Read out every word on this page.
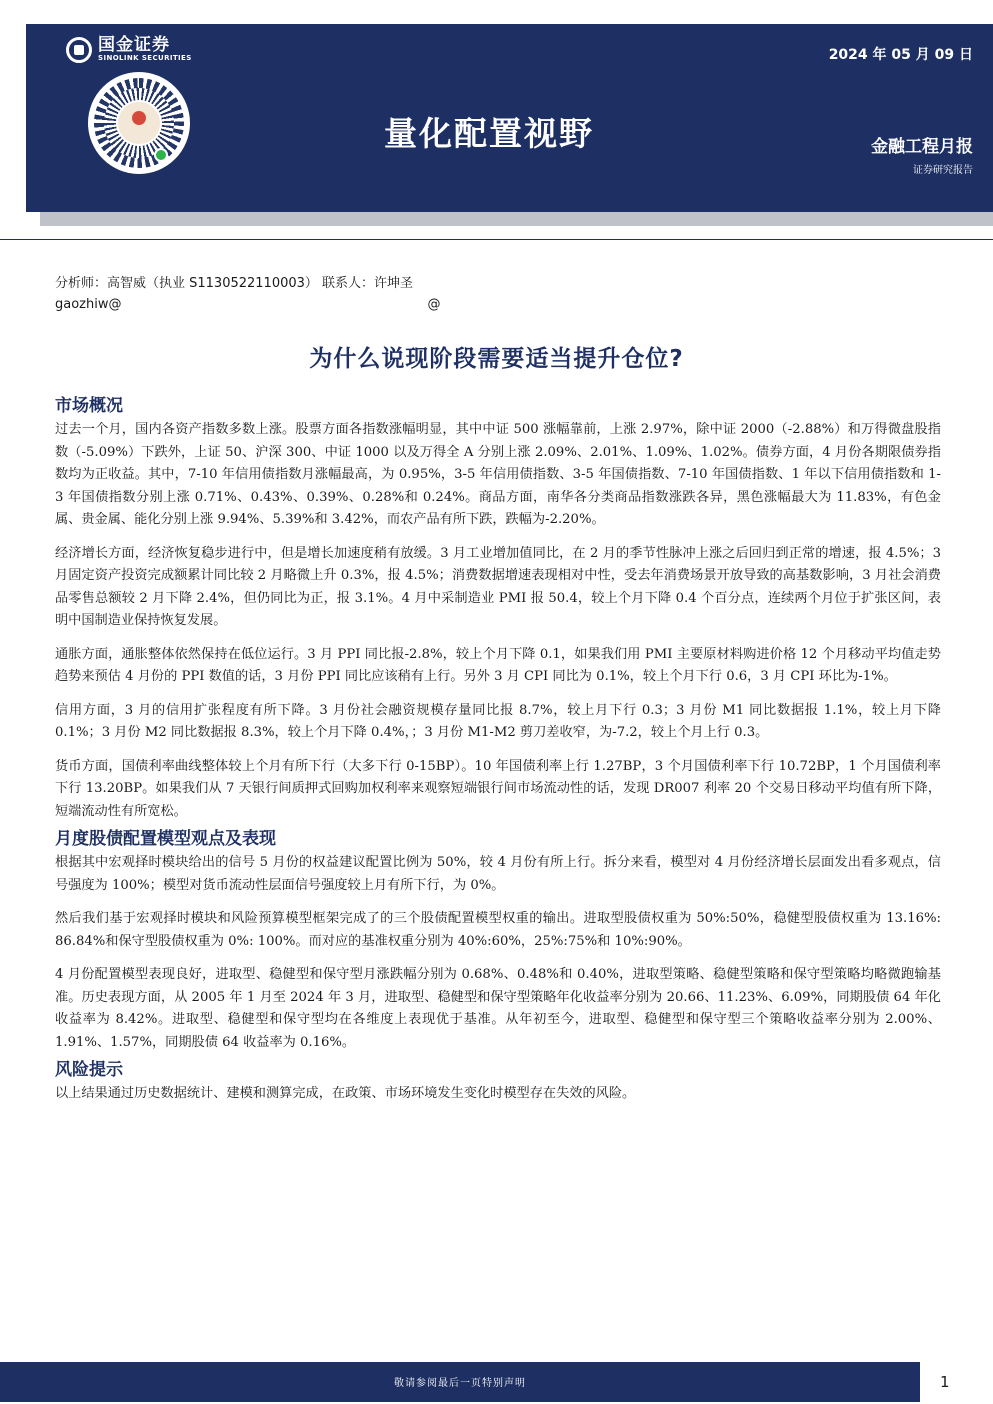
国金证券
SINOLINK SECURITIES	2024 年 05 月 09 日
量化配置视野	金融工程月报
证券研究报告
分析师：高智威（执业 S1130522110003） 联系人：许坤圣
gaozhiw@	@
为什么说现阶段需要适当提升仓位?
市场概况

过去一个月，国内各资产指数多数上涨。股票方面各指数涨幅明显，其中中证 500 涨幅靠前，上涨 2.97%，除中证 2000（-2.88%）和万得微盘股指数（-5.09%）下跌外，上证 50、沪深 300、中证 1000 以及万得全 A 分别上涨 2.09%、2.01%、1.09%、1.02%。债券方面，4 月份各期限债券指数均为正收益。其中，7-10 年信用债指数月涨幅最高，为 0.95%，3-5 年信用债指数、3-5 年国债指数、7-10 年国债指数、1 年以下信用债指数和 1-3 年国债指数分别上涨 0.71%、0.43%、0.39%、0.28%和 0.24%。商品方面，南华各分类商品指数涨跌各异，黑色涨幅最大为 11.83%，有色金属、贵金属、能化分别上涨 9.94%、5.39%和 3.42%，而农产品有所下跌，跌幅为-2.20%。

经济增长方面，经济恢复稳步进行中，但是增长加速度稍有放缓。3 月工业增加值同比，在 2 月的季节性脉冲上涨之后回归到正常的增速，报 4.5%；3 月固定资产投资完成额累计同比较 2 月略微上升 0.3%，报 4.5%；消费数据增速表现相对中性，受去年消费场景开放导致的高基数影响，3 月社会消费品零售总额较 2 月下降 2.4%，但仍同比为正，报 3.1%。4 月中采制造业 PMI 报 50.4，较上个月下降 0.4 个百分点，连续两个月位于扩张区间，表明中国制造业保持恢复发展。

通胀方面，通胀整体依然保持在低位运行。3 月 PPI 同比报-2.8%，较上个月下降 0.1，如果我们用 PMI 主要原材料购进价格 12 个月移动平均值走势趋势来预估 4 月份的 PPI 数值的话，3 月份 PPI 同比应该稍有上行。另外 3 月 CPI 同比为 0.1%，较上个月下行 0.6，3 月 CPI 环比为-1%。

信用方面，3 月的信用扩张程度有所下降。3 月份社会融资规模存量同比报 8.7%，较上月下行 0.3；3 月份 M1 同比数据报 1.1%，较上月下降 0.1%；3 月份 M2 同比数据报 8.3%，较上个月下降 0.4%，；3 月份 M1-M2 剪刀差收窄，为-7.2，较上个月上行 0.3。

货币方面，国债利率曲线整体较上个月有所下行（大多下行 0-15BP）。10 年国债利率上行 1.27BP，3 个月国债利率下行 10.72BP，1 个月国债利率下行 13.20BP。如果我们从 7 天银行间质押式回购加权利率来观察短端银行间市场流动性的话，发现 DR007 利率 20 个交易日移动平均值有所下降，短端流动性有所宽松。

月度股债配置模型观点及表现

根据其中宏观择时模块给出的信号 5 月份的权益建议配置比例为 50%，较 4 月份有所上行。拆分来看，模型对 4 月份经济增长层面发出看多观点，信号强度为 100%；模型对货币流动性层面信号强度较上月有所下行，为 0%。

然后我们基于宏观择时模块和风险预算模型框架完成了的三个股债配置模型权重的输出。进取型股债权重为 50%:50%，稳健型股债权重为 13.16%: 86.84%和保守型股债权重为 0%: 100%。而对应的基准权重分别为 40%:60%，25%:75%和 10%:90%。

4 月份配置模型表现良好，进取型、稳健型和保守型月涨跌幅分别为 0.68%、0.48%和 0.40%，进取型策略、稳健型策略和保守型策略均略微跑输基准。历史表现方面，从 2005 年 1 月至 2024 年 3 月，进取型、稳健型和保守型策略年化收益率分别为 20.66、11.23%、6.09%，同期股债 64 年化收益率为 8.42%。进取型、稳健型和保守型均在各维度上表现优于基准。从年初至今，进取型、稳健型和保守型三个策略收益率分别为 2.00%、1.91%、1.57%，同期股债 64 收益率为 0.16%。

风险提示

以上结果通过历史数据统计、建模和测算完成，在政策、市场环境发生变化时模型存在失效的风险。

敬请参阅最后一页特别声明	1
